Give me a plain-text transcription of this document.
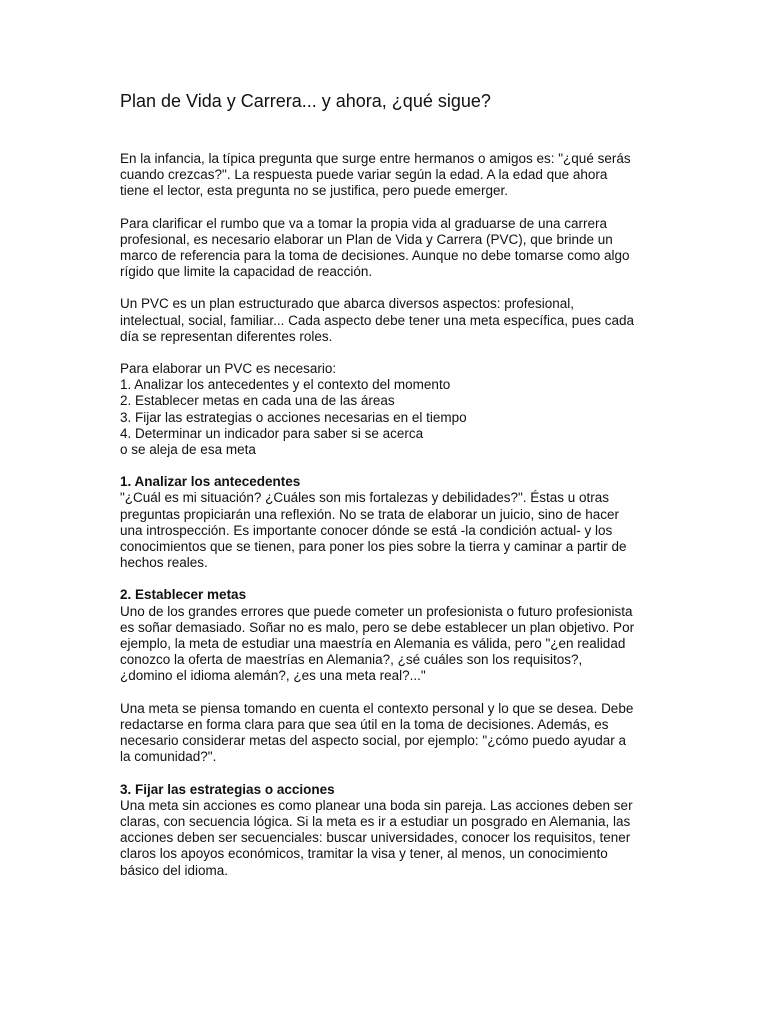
Plan de Vida y Carrera... y ahora, ¿qué sigue?

En la infancia, la típica pregunta que surge entre hermanos o amigos es: "¿qué serás
cuando crezcas?". La respuesta puede variar según la edad. A la edad que ahora
tiene el lector, esta pregunta no se justifica, pero puede emerger.

Para clarificar el rumbo que va a tomar la propia vida al graduarse de una carrera
profesional, es necesario elaborar un Plan de Vida y Carrera (PVC), que brinde un
marco de referencia para la toma de decisiones. Aunque no debe tomarse como algo
rígido que limite la capacidad de reacción.

Un PVC es un plan estructurado que abarca diversos aspectos: profesional,
intelectual, social, familiar... Cada aspecto debe tener una meta específica, pues cada
día se representan diferentes roles.

Para elaborar un PVC es necesario:
1. Analizar los antecedentes y el contexto del momento
2. Establecer metas en cada una de las áreas
3. Fijar las estrategias o acciones necesarias en el tiempo
4. Determinar un indicador para saber si se acerca
o se aleja de esa meta

1. Analizar los antecedentes
"¿Cuál es mi situación? ¿Cuáles son mis fortalezas y debilidades?". Éstas u otras
preguntas propiciarán una reflexión. No se trata de elaborar un juicio, sino de hacer
una introspección. Es importante conocer dónde se está -la condición actual- y los
conocimientos que se tienen, para poner los pies sobre la tierra y caminar a partir de
hechos reales.
2. Establecer metas
Uno de los grandes errores que puede cometer un profesionista o futuro profesionista
es soñar demasiado. Soñar no es malo, pero se debe establecer un plan objetivo. Por
ejemplo, la meta de estudiar una maestría en Alemania es válida, pero "¿en realidad
conozco la oferta de maestrías en Alemania?, ¿sé cuáles son los requisitos?,
¿domino el idioma alemán?, ¿es una meta real?..."

Una meta se piensa tomando en cuenta el contexto personal y lo que se desea. Debe
redactarse en forma clara para que sea útil en la toma de decisiones. Además, es
necesario considerar metas del aspecto social, por ejemplo: "¿cómo puedo ayudar a
la comunidad?".

3. Fijar las estrategias o acciones
Una meta sin acciones es como planear una boda sin pareja. Las acciones deben ser
claras, con secuencia lógica. Si la meta es ir a estudiar un posgrado en Alemania, las
acciones deben ser secuenciales: buscar universidades, conocer los requisitos, tener
claros los apoyos económicos, tramitar la visa y tener, al menos, un conocimiento
básico del idioma.
